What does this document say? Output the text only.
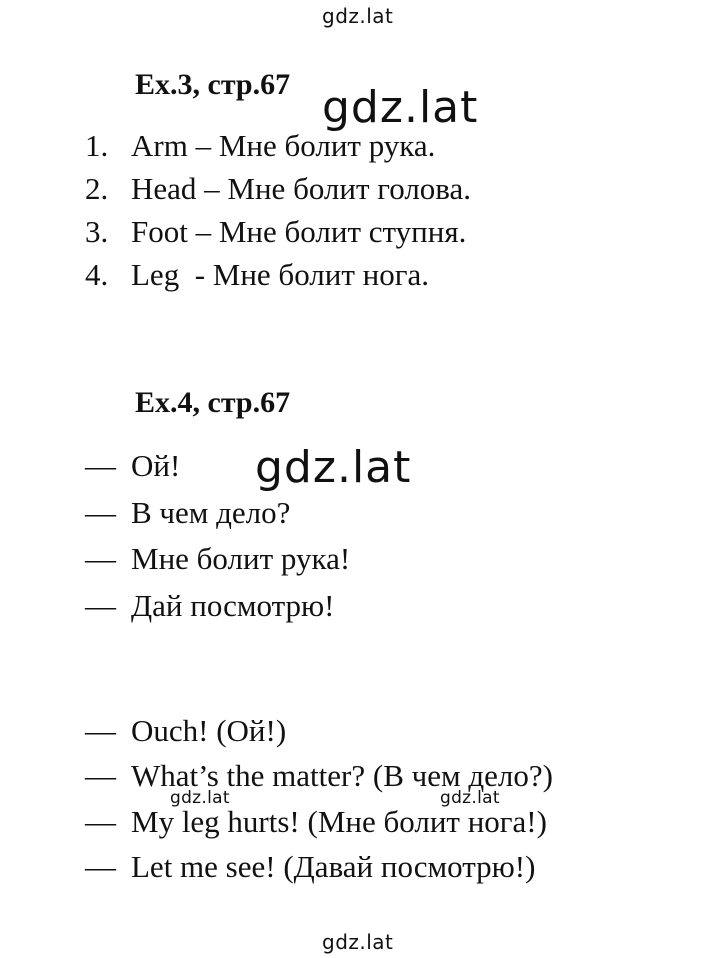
gdz.lat
gdz.lat
gdz.lat
gdz.lat	gdz.lat
gdz.lat
Ex.3, стр.67
1. Arm – Мне болит рука.
2. Head – Мне болит голова.
3. Foot – Мне болит ступня.
4. Leg  - Мне болит нога.
Ex.4, стр.67
— Ой!
— В чем дело?
— Мне болит рука!
— Дай посмотрю!
— Ouch! (Ой!)
— What’s the matter? (В чем дело?)
— My leg hurts! (Мне болит нога!)
— Let me see! (Давай посмотрю!)
